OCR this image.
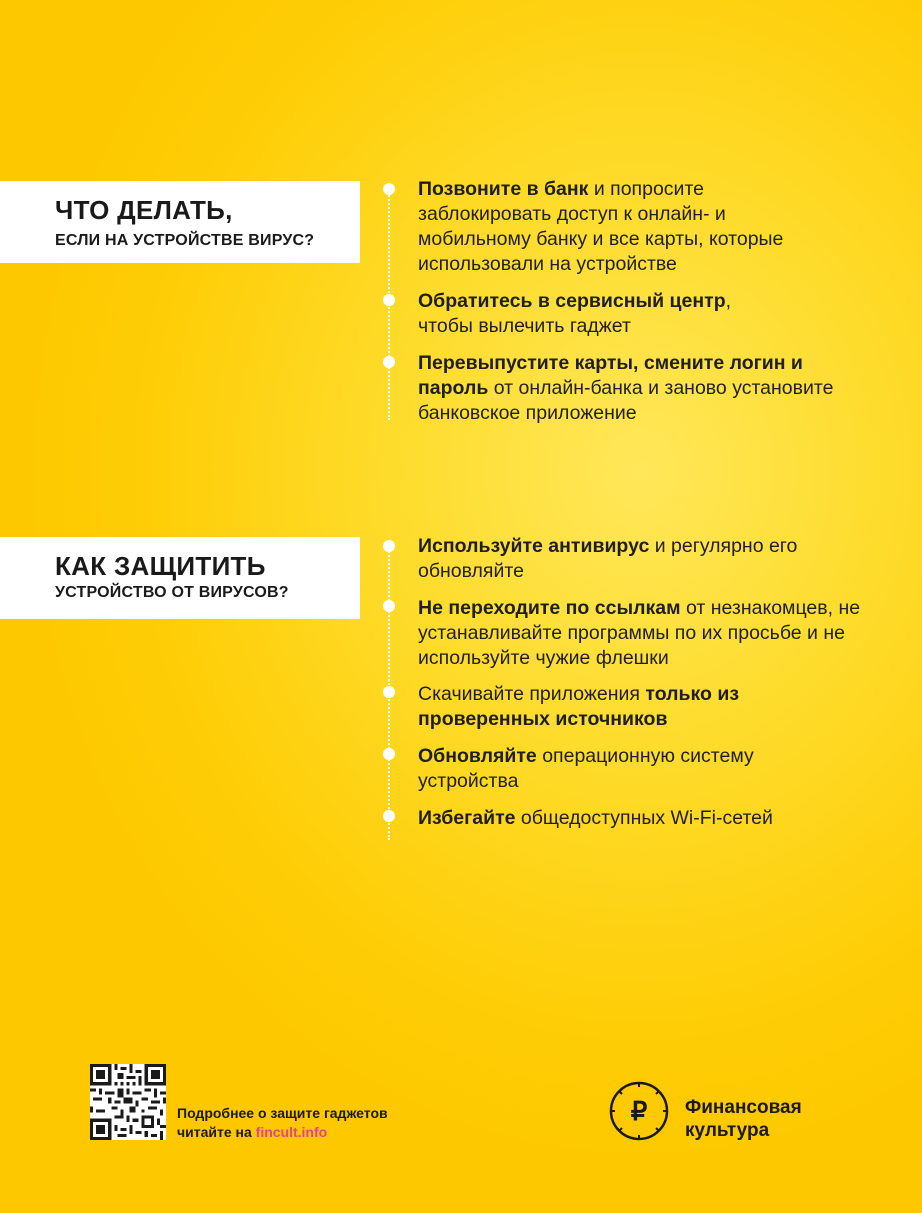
ЧТО ДЕЛАТЬ,
ЕСЛИ НА УСТРОЙСТВЕ ВИРУС?
Позвоните в банк и попросите заблокировать доступ к онлайн- и мобильному банку и все карты, которые использовали на устройстве
Обратитесь в сервисный центр, чтобы вылечить гаджет
Перевыпустите карты, смените логин и пароль от онлайн-банка и заново установите банковское приложение
КАК ЗАЩИТИТЬ
УСТРОЙСТВО ОТ ВИРУСОВ?
Используйте антивирус и регулярно его обновляйте
Не переходите по ссылкам от незнакомцев, не устанавливайте программы по их просьбе и не используйте чужие флешки
Скачивайте приложения только из проверенных источников
Обновляйте операционную систему устройства
Избегайте общедоступных Wi-Fi-сетей
Подробнее о защите гаджетов
читайте на fincult.info
₽ Финансовая
культура
